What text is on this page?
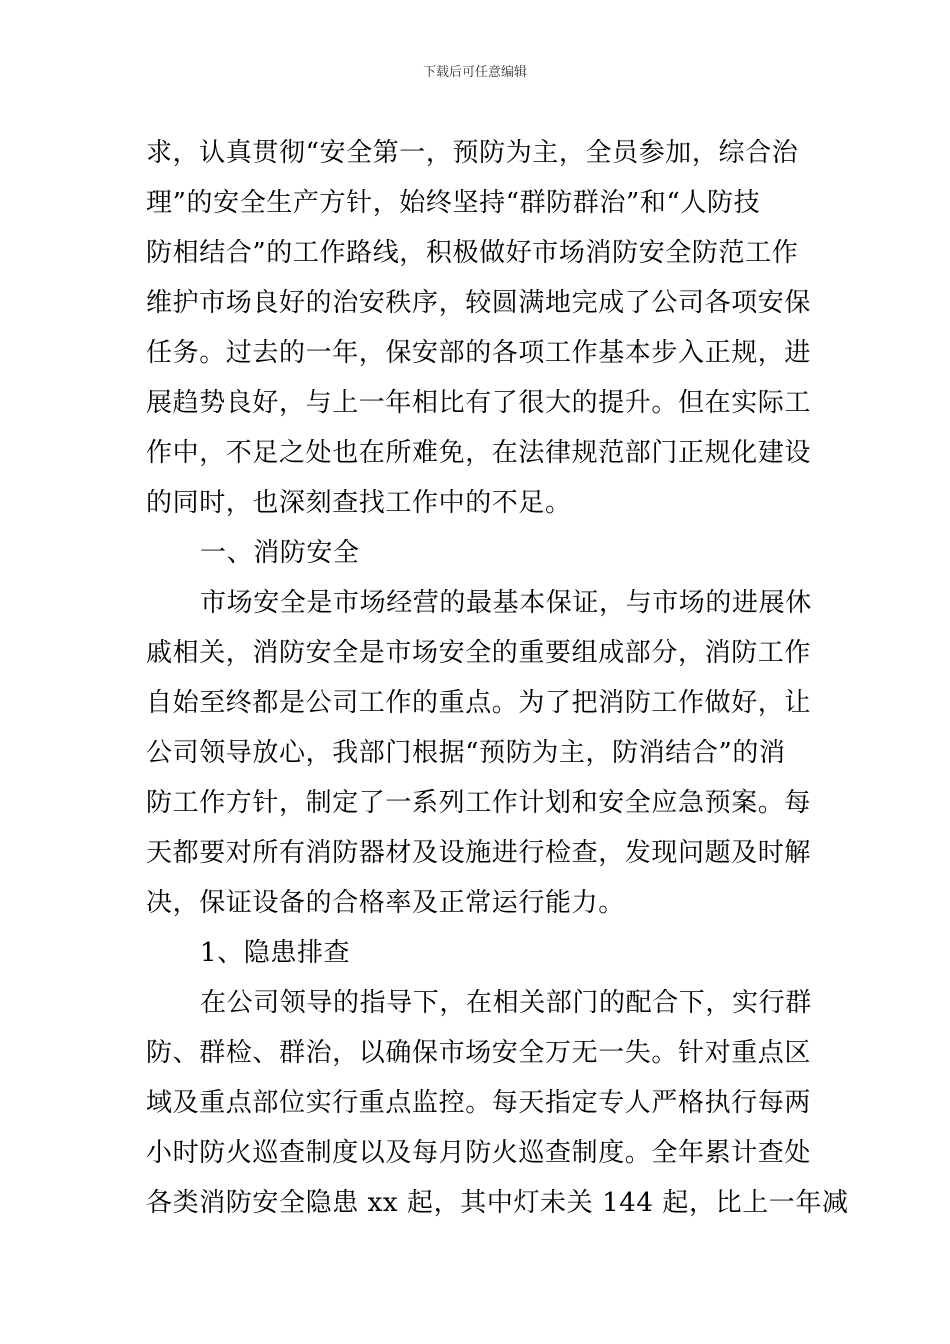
下载后可任意编辑
求，认真贯彻“安全第一，预防为主，全员参加，综合治
理”的安全生产方针，始终坚持“群防群治”和“人防技
防相结合”的工作路线，积极做好市场消防安全防范工作
维护市场良好的治安秩序，较圆满地完成了公司各项安保
任务。过去的一年，保安部的各项工作基本步入正规，进
展趋势良好，与上一年相比有了很大的提升。但在实际工
作中，不足之处也在所难免，在法律规范部门正规化建设
的同时，也深刻查找工作中的不足。
一、消防安全
市场安全是市场经营的最基本保证，与市场的进展休
戚相关，消防安全是市场安全的重要组成部分，消防工作
自始至终都是公司工作的重点。为了把消防工作做好，让
公司领导放心，我部门根据“预防为主，防消结合”的消
防工作方针，制定了一系列工作计划和安全应急预案。每
天都要对所有消防器材及设施进行检查，发现问题及时解
决，保证设备的合格率及正常运行能力。
1、隐患排查
在公司领导的指导下，在相关部门的配合下，实行群
防、群检、群治，以确保市场安全万无一失。针对重点区
域及重点部位实行重点监控。每天指定专人严格执行每两
小时防火巡查制度以及每月防火巡查制度。全年累计查处
各类消防安全隐患 xx 起，其中灯未关 144 起，比上一年减
